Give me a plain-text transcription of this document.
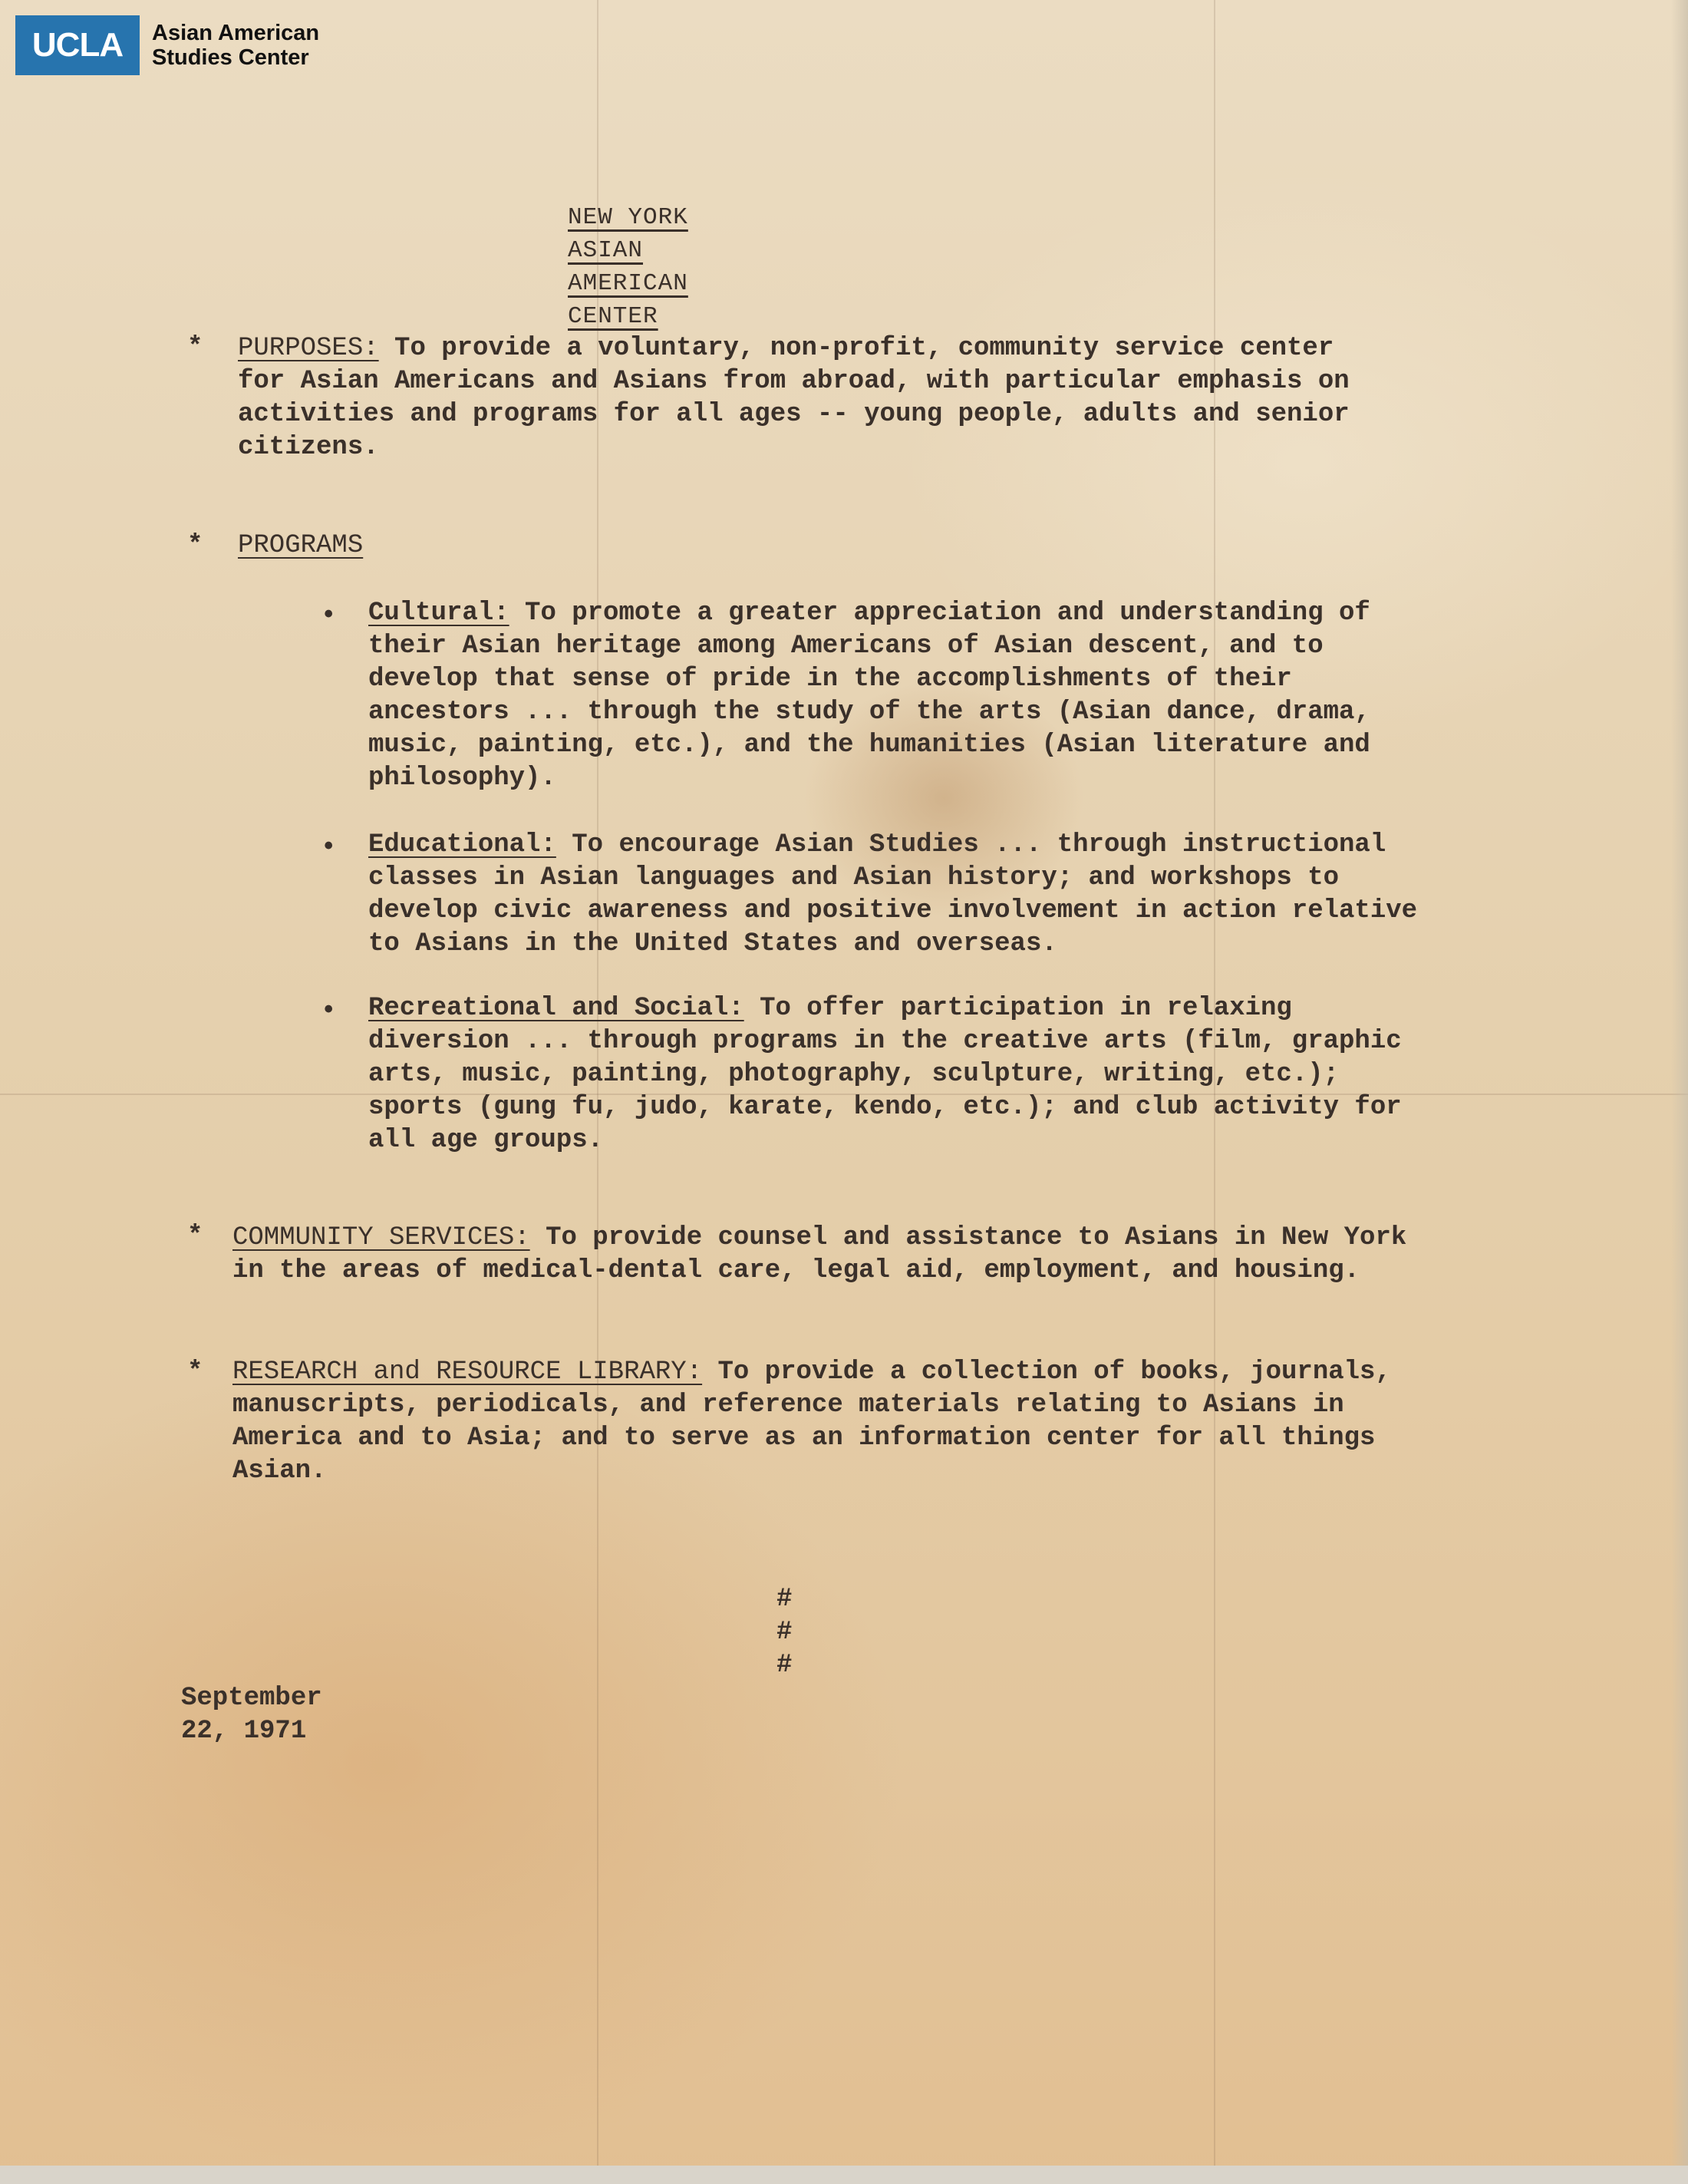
UCLA	Asian American
Studies Center
NEW YORK ASIAN AMERICAN CENTER
* PURPOSES: To provide a voluntary, non-profit, community service center
for Asian Americans and Asians from abroad, with particular emphasis on
activities and programs for all ages -- young people, adults and senior
citizens.
* PROGRAMS
• Cultural: To promote a greater appreciation and understanding of
their Asian heritage among Americans of Asian descent, and to
develop that sense of pride in the accomplishments of their
ancestors ... through the study of the arts (Asian dance, drama,
music, painting, etc.), and the humanities (Asian literature and
philosophy).
• Educational: To encourage Asian Studies ... through instructional
classes in Asian languages and Asian history; and workshops to
develop civic awareness and positive involvement in action relative
to Asians in the United States and overseas.
• Recreational and Social: To offer participation in relaxing
diversion ... through programs in the creative arts (film, graphic
arts, music, painting, photography, sculpture, writing, etc.);
sports (gung fu, judo, karate, kendo, etc.); and club activity for
all age groups.
* COMMUNITY SERVICES: To provide counsel and assistance to Asians in New York
in the areas of medical-dental care, legal aid, employment, and housing.
* RESEARCH and RESOURCE LIBRARY: To provide a collection of books, journals,
manuscripts, periodicals, and reference materials relating to Asians in
America and to Asia; and to serve as an information center for all things
Asian.
# # #
September 22, 1971
